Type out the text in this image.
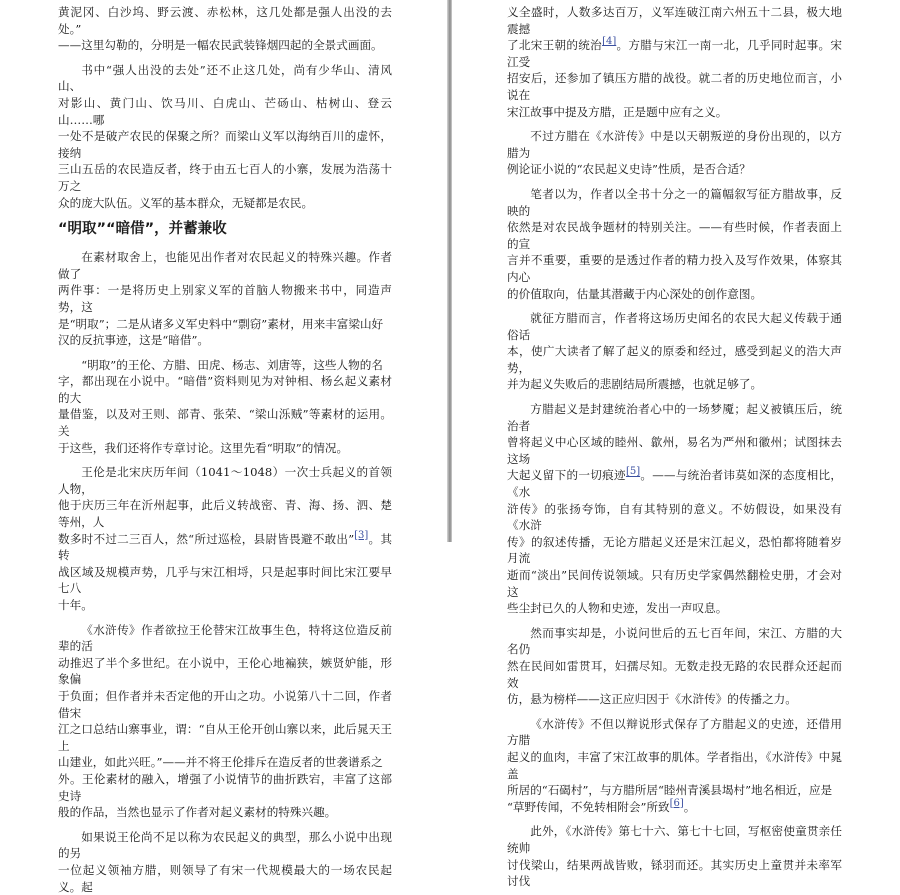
黄泥冈、白沙坞、野云渡、赤松林，这几处都是强人出没的去处。”
——这里勾勒的，分明是一幅农民武装锋烟四起的全景式画面。

书中“强人出没的去处”还不止这几处，尚有少华山、清风山、
对影山、黄门山、饮马川、白虎山、芒砀山、枯树山、登云山……哪
一处不是破产农民的保聚之所？而梁山义军以海纳百川的虚怀，接纳
三山五岳的农民造反者，终于由五七百人的小寨，发展为浩荡十万之
众的庞大队伍。义军的基本群众，无疑都是农民。

“明取”“暗借”，并蓄兼收

在素材取舍上，也能见出作者对农民起义的特殊兴趣。作者做了
两件事：一是将历史上别家义军的首脑人物搬来书中，同造声势，这
是“明取”；二是从诸多义军史料中“剽窃”素材，用来丰富梁山好
汉的反抗事迹，这是“暗借”。

“明取”的王伦、方腊、田虎、杨志、刘唐等，这些人物的名
字，都出现在小说中。“暗借”资料则见为对钟相、杨幺起义素材的大
量借鉴，以及对王则、部青、张荣、“梁山泺贼”等素材的运用。关
于这些，我们还将作专章讨论。这里先看“明取”的情况。

王伦是北宋庆历年间（1041～1048）一次士兵起义的首领人物，
他于庆历三年在沂州起事，此后义转战密、青、海、扬、泗、楚等州，人
数多时不过二三百人，然“所过巡检，县尉皆畏避不敢出”[3]。其转
战区域及规模声势，几乎与宋江相埒，只是起事时间比宋江要早七八
十年。

《水浒传》作者欲拉王伦替宋江故事生色，特将这位造反前辈的活
动推迟了半个多世纪。在小说中，王伦心地褊狭，嫉贤妒能，形象偏
于负面；但作者并未否定他的开山之功。小说第八十二回，作者借宋
江之口总结山寨事业，谓：“自从王伦开创山寨以来，此后晁天王上
山建业，如此兴旺。”——并不将王伦排斥在造反者的世袭谱系之
外。王伦素材的融入，增强了小说情节的曲折跌宕，丰富了这部史诗
般的作品，当然也显示了作者对起义素材的特殊兴趣。

如果说王伦尚不足以称为农民起义的典型，那么小说中出现的另
一位起义领袖方腊，则领导了有宋一代规模最大的一场农民起义。起

义全盛时，人数多达百万，义军连破江南六州五十二县，极大地震撼
了北宋王朝的统治[4]。方腊与宋江一南一北，几乎同时起事。宋江受
招安后，还参加了镇压方腊的战役。就二者的历史地位而言，小说在
宋江故事中提及方腊，正是题中应有之义。

不过方腊在《水浒传》中是以天朝叛逆的身份出现的，以方腊为
例论证小说的“农民起义史诗”性质，是否合适？

笔者以为，作者以全书十分之一的篇幅叙写征方腊故事，反映的
依然是对农民战争题材的特别关注。——有些时候，作者表面上的宣
言并不重要，重要的是透过作者的精力投入及写作效果，体察其内心
的价值取向，估量其潜藏于内心深处的创作意图。

就征方腊而言，作者将这场历史闻名的农民大起义传载于通俗话
本，使广大读者了解了起义的原委和经过，感受到起义的浩大声势，
并为起义失败后的悲剧结局所震撼，也就足够了。

方腊起义是封建统治者心中的一场梦魇；起义被镇压后，统治者
曾将起义中心区域的睦州、歙州，易名为严州和徽州；试图抹去这场
大起义留下的一切痕迹[5]。——与统治者讳莫如深的态度相比，《水
浒传》的张扬夸饰，自有其特别的意义。不妨假设，如果没有《水浒
传》的叙述传播，无论方腊起义还是宋江起义，恐怕都将随着岁月流
逝而“淡出”民间传说领域。只有历史学家偶然翻检史册，才会对这
些尘封已久的人物和史迹，发出一声叹息。

然而事实却是，小说问世后的五七百年间，宋江、方腊的大名仍
然在民间如雷贯耳，妇孺尽知。无数走投无路的农民群众还起而效
仿，悬为榜样——这正应归因于《水浒传》的传播之力。

《水浒传》不但以辩说形式保存了方腊起义的史迹，还借用方腊
起义的血肉，丰富了宋江故事的肌体。学者指出，《水浒传》中晁盖
所居的“石碣村”，与方腊所居“睦州青溪县堨村”地名相近，应是
“草野传闻，不免转相附会”所致[6]。

此外，《水浒传》第七十六、第七十七回，写枢密使童贯亲任统帅
讨伐梁山，结果两战皆败，铩羽而还。其实历史上童贯并未率军讨伐
